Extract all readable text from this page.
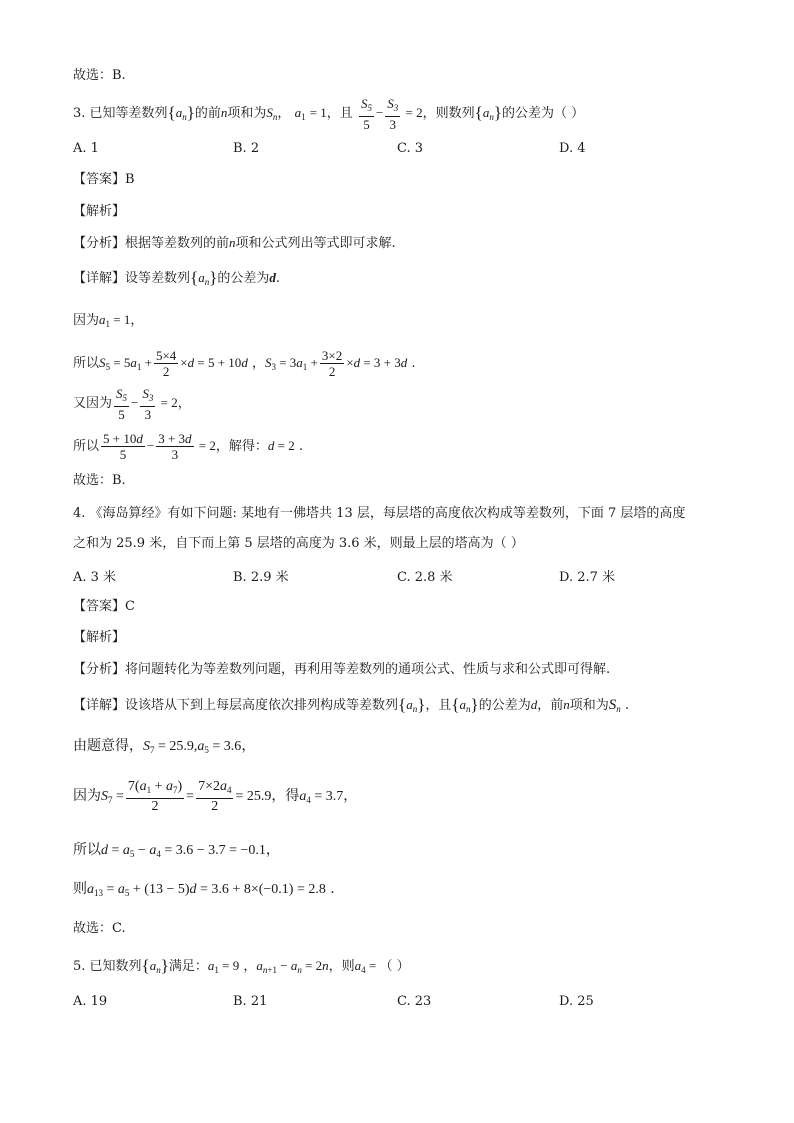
故选：B.
3. 已知等差数列$\{a_n\}$的前n项和为$S_n$， $a_1 = 1$，且 $\frac{S_5}{5} - \frac{S_3}{3} = 2$，则数列$\{a_n\}$的公差为（ ）
A. 1	B. 2	C. 3	D. 4
【答案】B
【解析】
【分析】根据等差数列的前n项和公式列出等式即可求解.
【详解】设等差数列$\{a_n\}$的公差为d.
因为$a_1 = 1$，
所以$S_5 = 5a_1 + \frac{5\times 4}{2} \times d = 5 + 10d$ ，$S_3 = 3a_1 + \frac{3\times 2}{2} \times d = 3 + 3d$ .
又因为 $\frac{S_5}{5} - \frac{S_3}{3} = 2$，
所以 $\frac{5 + 10d}{5} - \frac{3 + 3d}{3} = 2$，解得：d = 2 .
故选：B.
4. 《海岛算经》有如下问题: 某地有一佛塔共 13 层，每层塔的高度依次构成等差数列，下面 7 层塔的高度
之和为 25.9 米，自下而上第 5 层塔的高度为 3.6 米，则最上层的塔高为（ ）
A. 3 米	B. 2.9 米	C. 2.8 米	D. 2.7 米
【答案】C
【解析】
【分析】将问题转化为等差数列问题，再利用等差数列的通项公式、性质与求和公式即可得解.
【详解】设该塔从下到上每层高度依次排列构成等差数列$\{a_n\}$，且$\{a_n\}$的公差为d，前n项和为$S_n$ .
由题意得，$S_7 = 25.9,a_5 = 3.6$，
因为$S_7 = \frac{7(a_1 + a_7)}{2} = \frac{7\times 2a_4}{2} = 25.9$，得$a_4 = 3.7$，
所以$d = a_5 - a_4 = 3.6 - 3.7 = -0.1$，
则$a_{13} = a_5 + (13 - 5)d = 3.6 + 8\times(-0.1) = 2.8$ .
故选：C.
5. 已知数列$\{a_n\}$满足：$a_1 = 9$ ，$a_{n+1} - a_n = 2n$，则$a_4$ = （ ）
A. 19	B. 21	C. 23	D. 25
